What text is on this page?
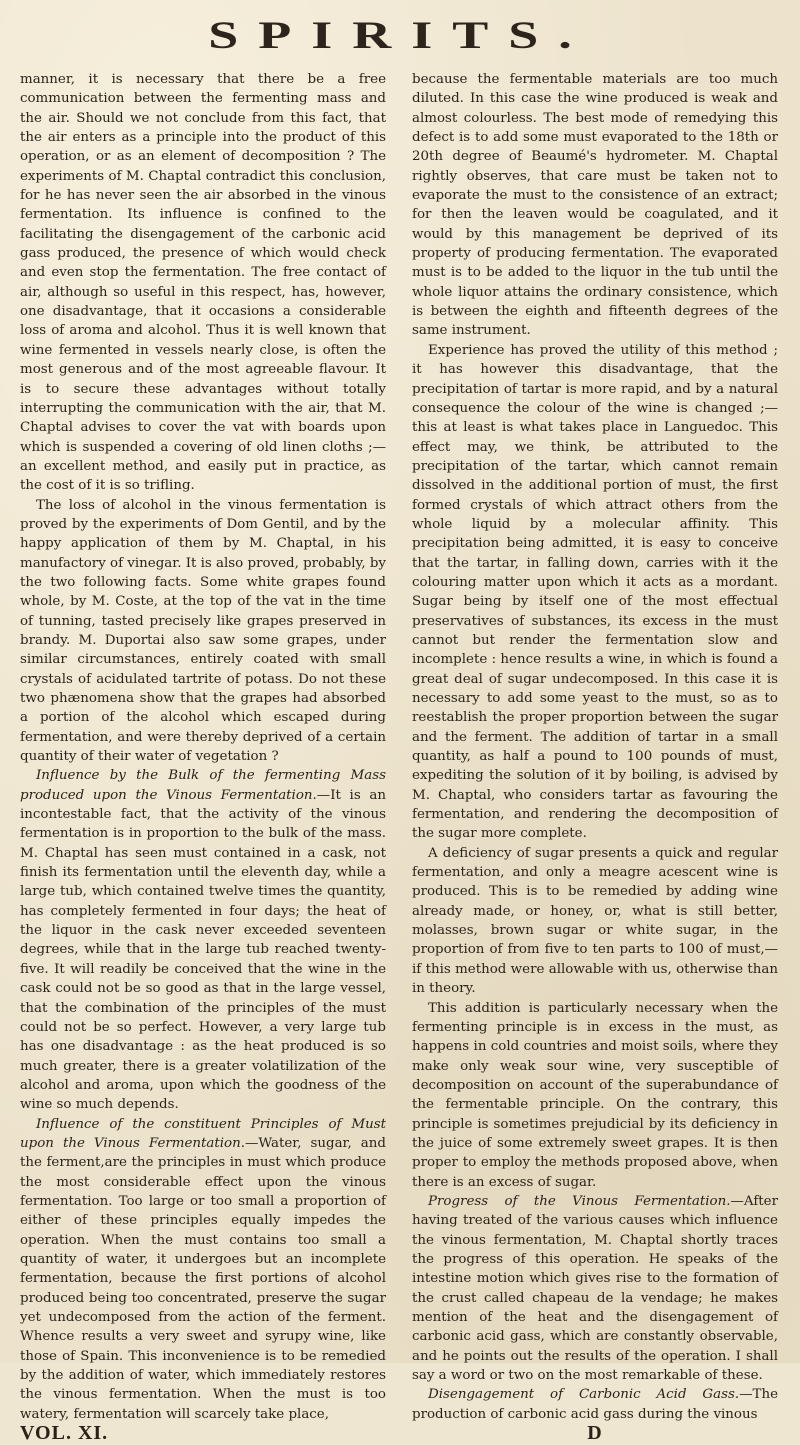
SPIRITS.

manner, it is necessary that there be a free communication between the fermenting mass and the air. Should we not conclude from this fact, that the air enters as a principle into the product of this operation, or as an element of decomposition ? The experiments of M. Chaptal contradict this conclusion, for he has never seen the air absorbed in the vinous fermentation. Its influence is confined to the facilitating the disengagement of the carbonic acid gass produced, the presence of which would check and even stop the fermentation. The free contact of air, although so useful in this respect, has, however, one disadvantage, that it occasions a considerable loss of aroma and alcohol. Thus it is well known that wine fermented in vessels nearly close, is often the most generous and of the most agreeable flavour. It is to secure these advantages without totally interrupting the communication with the air, that M. Chaptal advises to cover the vat with boards upon which is suspended a covering of old linen cloths ;—an excellent method, and easily put in practice, as the cost of it is so trifling.

The loss of alcohol in the vinous fermentation is proved by the experiments of Dom Gentil, and by the happy application of them by M. Chaptal, in his manufactory of vinegar. It is also proved, probably, by the two following facts. Some white grapes found whole, by M. Coste, at the top of the vat in the time of tunning, tasted precisely like grapes preserved in brandy. M. Duportai also saw some grapes, under similar circumstances, entirely coated with small crystals of acidulated tartrite of potass. Do not these two phænomena show that the grapes had absorbed a portion of the alcohol which escaped during fermentation, and were thereby deprived of a certain quantity of their water of vegetation ?

Influence by the Bulk of the fermenting Mass produced upon the Vinous Fermentation.—It is an incontestable fact, that the activity of the vinous fermentation is in proportion to the bulk of the mass. M. Chaptal has seen must contained in a cask, not finish its fermentation until the eleventh day, while a large tub, which contained twelve times the quantity, has completely fermented in four days; the heat of the liquor in the cask never exceeded seventeen degrees, while that in the large tub reached twenty-five. It will readily be conceived that the wine in the cask could not be so good as that in the large vessel, that the combination of the principles of the must could not be so perfect. However, a very large tub has one disadvantage : as the heat produced is so much greater, there is a greater volatilization of the alcohol and aroma, upon which the goodness of the wine so much depends.

Influence of the constituent Principles of Must upon the Vinous Fermentation.—Water, sugar, and the ferment,are the principles in must which produce the most considerable effect upon the vinous fermentation. Too large or too small a proportion of either of these principles equally impedes the operation. When the must contains too small a quantity of water, it undergoes but an incomplete fermentation, because the first portions of alcohol produced being too concentrated, preserve the sugar yet undecomposed from the action of the ferment. Whence results a very sweet and syrupy wine, like those of Spain. This inconvenience is to be remedied by the addition of water, which immediately restores the vinous fermentation. When the must is too watery, fermentation will scarcely take place,

VOL. XI.

because the fermentable materials are too much diluted. In this case the wine produced is weak and almost colourless. The best mode of remedying this defect is to add some must evaporated to the 18th or 20th degree of Beaumé's hydrometer. M. Chaptal rightly observes, that care must be taken not to evaporate the must to the consistence of an extract; for then the leaven would be coagulated, and it would by this management be deprived of its property of producing fermentation. The evaporated must is to be added to the liquor in the tub until the whole liquor attains the ordinary consistence, which is between the eighth and fifteenth degrees of the same instrument.

Experience has proved the utility of this method ; it has however this disadvantage, that the precipitation of tartar is more rapid, and by a natural consequence the colour of the wine is changed ;—this at least is what takes place in Languedoc. This effect may, we think, be attributed to the precipitation of the tartar, which cannot remain dissolved in the additional portion of must, the first formed crystals of which attract others from the whole liquid by a molecular affinity. This precipitation being admitted, it is easy to conceive that the tartar, in falling down, carries with it the colouring matter upon which it acts as a mordant. Sugar being by itself one of the most effectual preservatives of substances, its excess in the must cannot but render the fermentation slow and incomplete : hence results a wine, in which is found a great deal of sugar undecomposed. In this case it is necessary to add some yeast to the must, so as to reestablish the proper proportion between the sugar and the ferment. The addition of tartar in a small quantity, as half a pound to 100 pounds of must, expediting the solution of it by boiling, is advised by M. Chaptal, who considers tartar as favouring the fermentation, and rendering the decomposition of the sugar more complete.

A deficiency of sugar presents a quick and regular fermentation, and only a meagre acescent wine is produced. This is to be remedied by adding wine already made, or honey, or, what is still better, molasses, brown sugar or white sugar, in the proportion of from five to ten parts to 100 of must,—if this method were allowable with us, otherwise than in theory.

This addition is particularly necessary when the fermenting principle is in excess in the must, as happens in cold countries and moist soils, where they make only weak sour wine, very susceptible of decomposition on account of the superabundance of the fermentable principle. On the contrary, this principle is sometimes prejudicial by its deficiency in the juice of some extremely sweet grapes. It is then proper to employ the methods proposed above, when there is an excess of sugar.

Progress of the Vinous Fermentation.—After having treated of the various causes which influence the vinous fermentation, M. Chaptal shortly traces the progress of this operation. He speaks of the intestine motion which gives rise to the formation of the crust called chapeau de la vendage; he makes mention of the heat and the disengagement of carbonic acid gass, which are constantly observable, and he points out the results of the operation. I shall say a word or two on the most remarkable of these.

Disengagement of Carbonic Acid Gass.—The production of carbonic acid gass during the vinous

D
